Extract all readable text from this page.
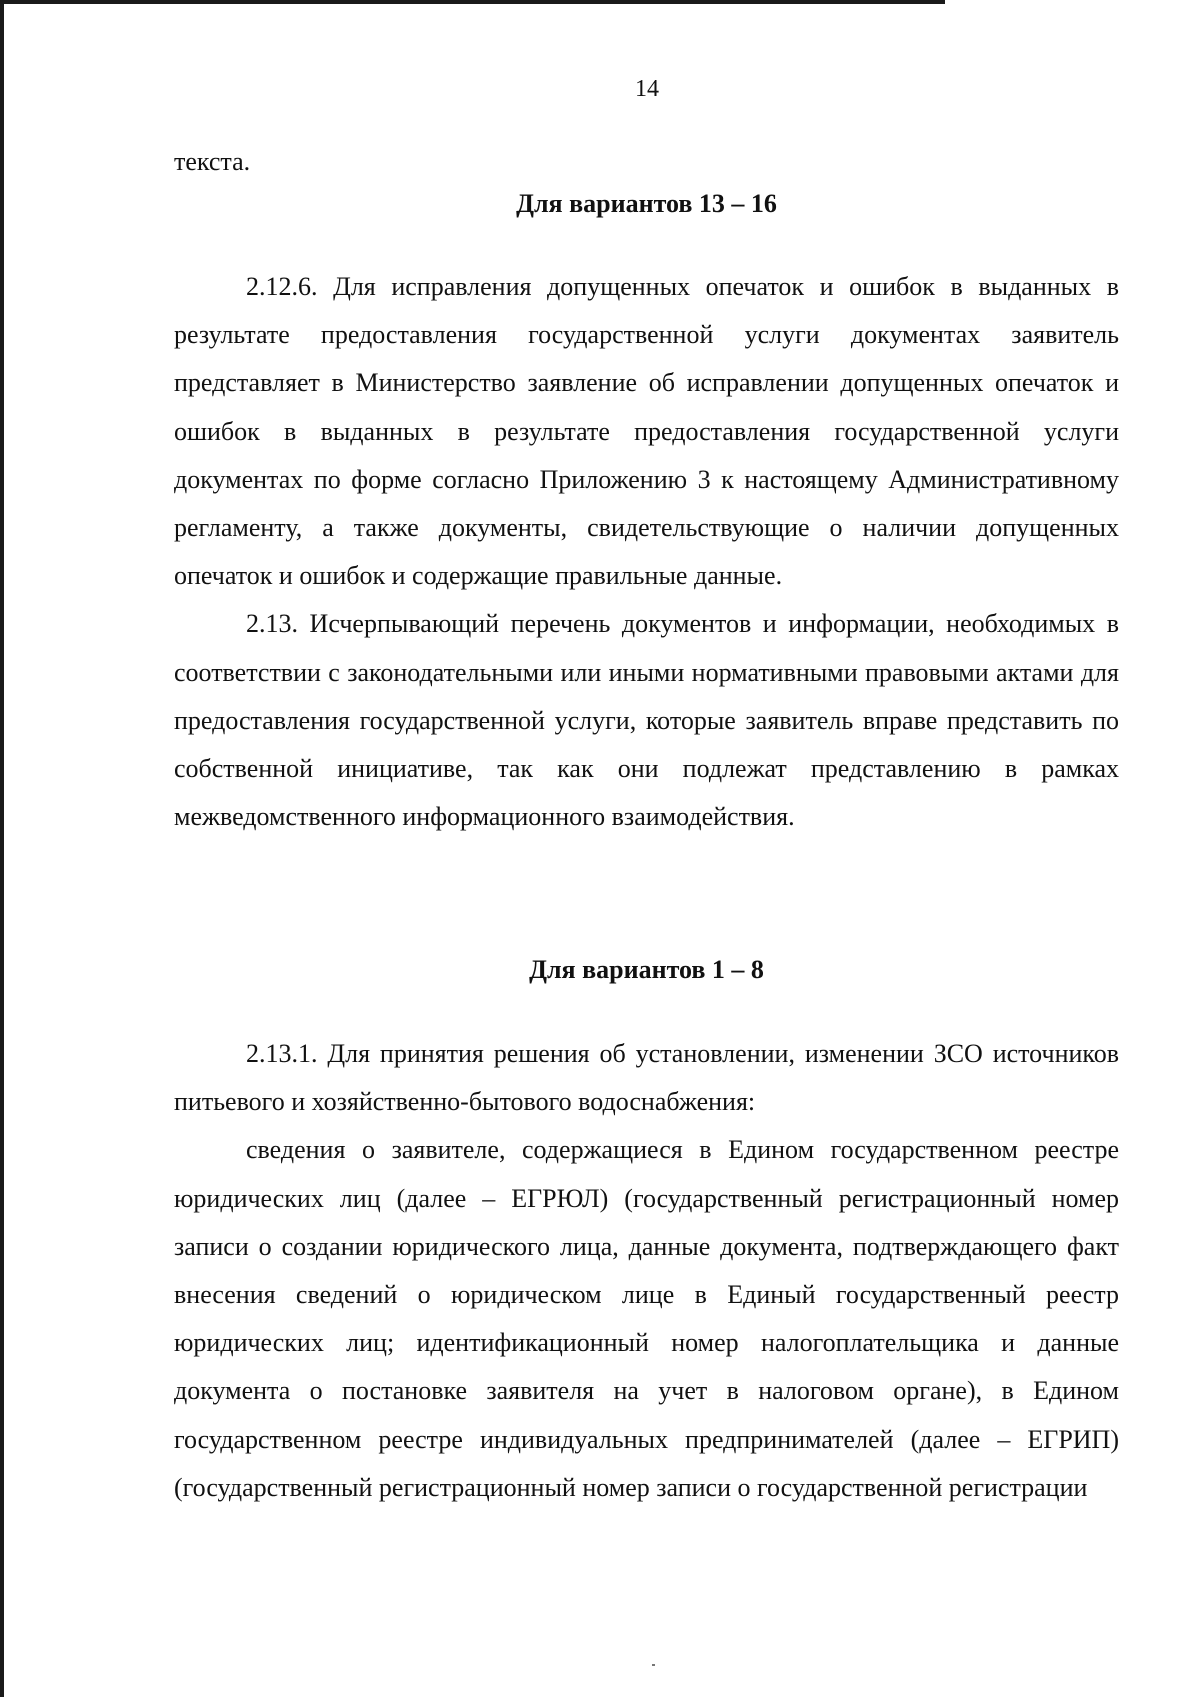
14

текста.

Для вариантов 13 – 16

2.12.6. Для исправления допущенных опечаток и ошибок в выданных в результате предоставления государственной услуги документах заявитель представляет в Министерство заявление об исправлении допущенных опечаток и ошибок в выданных в результате предоставления государственной услуги документах по форме согласно Приложению 3 к настоящему Административному регламенту, а также документы, свидетельствующие о наличии допущенных опечаток и ошибок и содержащие правильные данные.

2.13. Исчерпывающий перечень документов и информации, необходимых в соответствии с законодательными или иными нормативными правовыми актами для предоставления государственной услуги, которые заявитель вправе представить по собственной инициативе, так как они подлежат представлению в рамках межведомственного информационного взаимодействия.

Для вариантов 1 – 8

2.13.1. Для принятия решения об установлении, изменении ЗСО источников питьевого и хозяйственно-бытового водоснабжения:

сведения о заявителе, содержащиеся в Едином государственном реестре юридических лиц (далее – ЕГРЮЛ) (государственный регистрационный номер записи о создании юридического лица, данные документа, подтверждающего факт внесения сведений о юридическом лице в Единый государственный реестр юридических лиц; идентификационный номер налогоплательщика и данные документа о постановке заявителя на учет в налоговом органе), в Едином государственном реестре индивидуальных предпринимателей (далее – ЕГРИП) (государственный регистрационный номер записи о государственной регистрации
